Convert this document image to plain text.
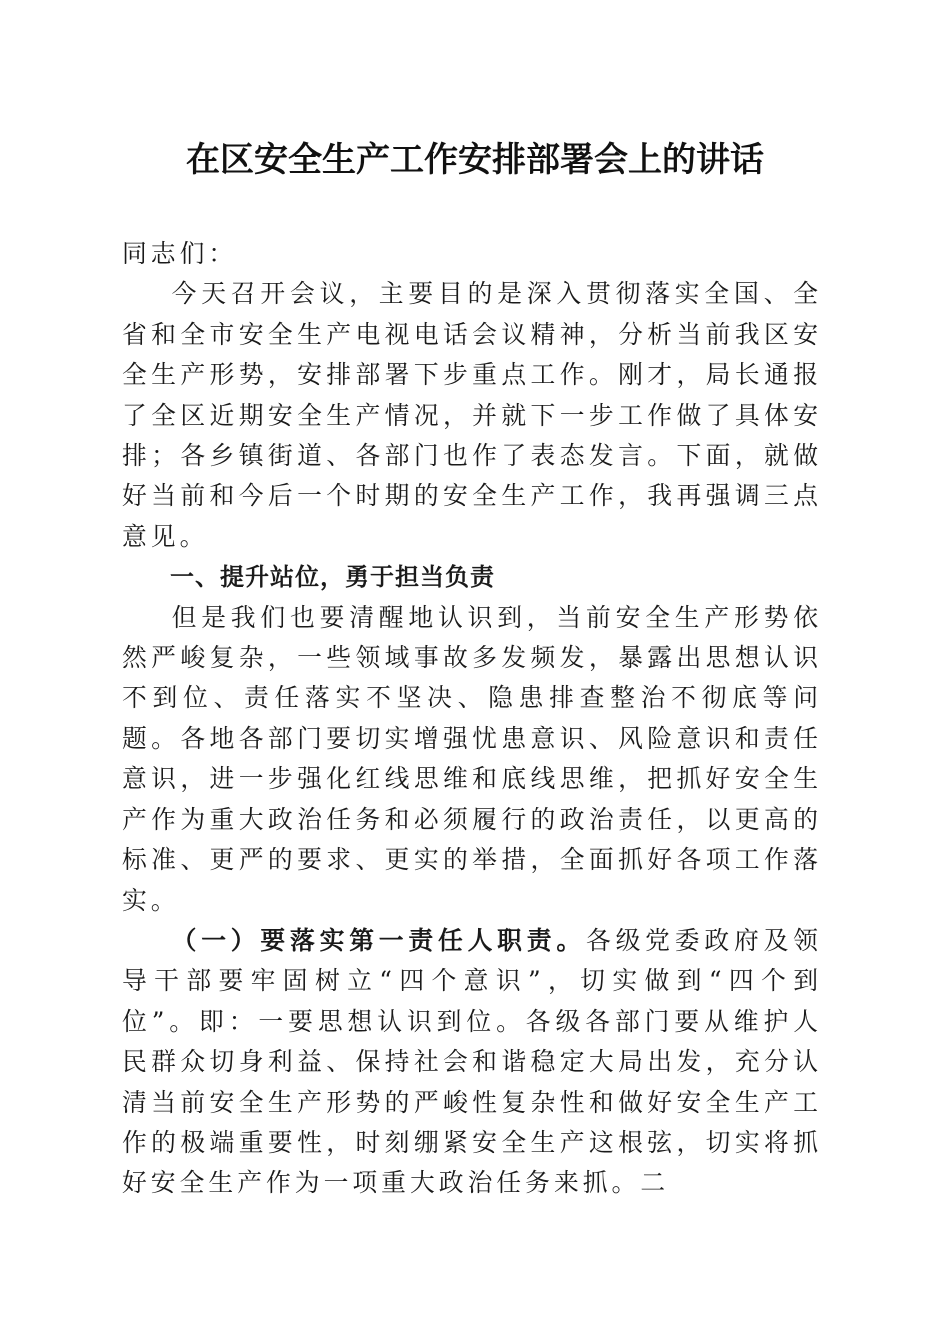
在区安全生产工作安排部署会上的讲话

同志们：

今天召开会议，主要目的是深入贯彻落实全国、全省和全市安全生产电视电话会议精神，分析当前我区安全生产形势，安排部署下步重点工作。刚才，局长通报了全区近期安全生产情况，并就下一步工作做了具体安排；各乡镇街道、各部门也作了表态发言。下面，就做好当前和今后一个时期的安全生产工作，我再强调三点意见。

一、提升站位，勇于担当负责

但是我们也要清醒地认识到，当前安全生产形势依然严峻复杂，一些领域事故多发频发，暴露出思想认识不到位、责任落实不坚决、隐患排查整治不彻底等问题。各地各部门要切实增强忧患意识、风险意识和责任意识，进一步强化红线思维和底线思维，把抓好安全生产作为重大政治任务和必须履行的政治责任，以更高的标准、更严的要求、更实的举措，全面抓好各项工作落实。

（一）要落实第一责任人职责。各级党委政府及领导干部要牢固树立“四个意识”，切实做到“四个到位”。即：一要思想认识到位。各级各部门要从维护人民群众切身利益、保持社会和谐稳定大局出发，充分认清当前安全生产形势的严峻性复杂性和做好安全生产工作的极端重要性，时刻绷紧安全生产这根弦，切实将抓好安全生产作为一项重大政治任务来抓。二
